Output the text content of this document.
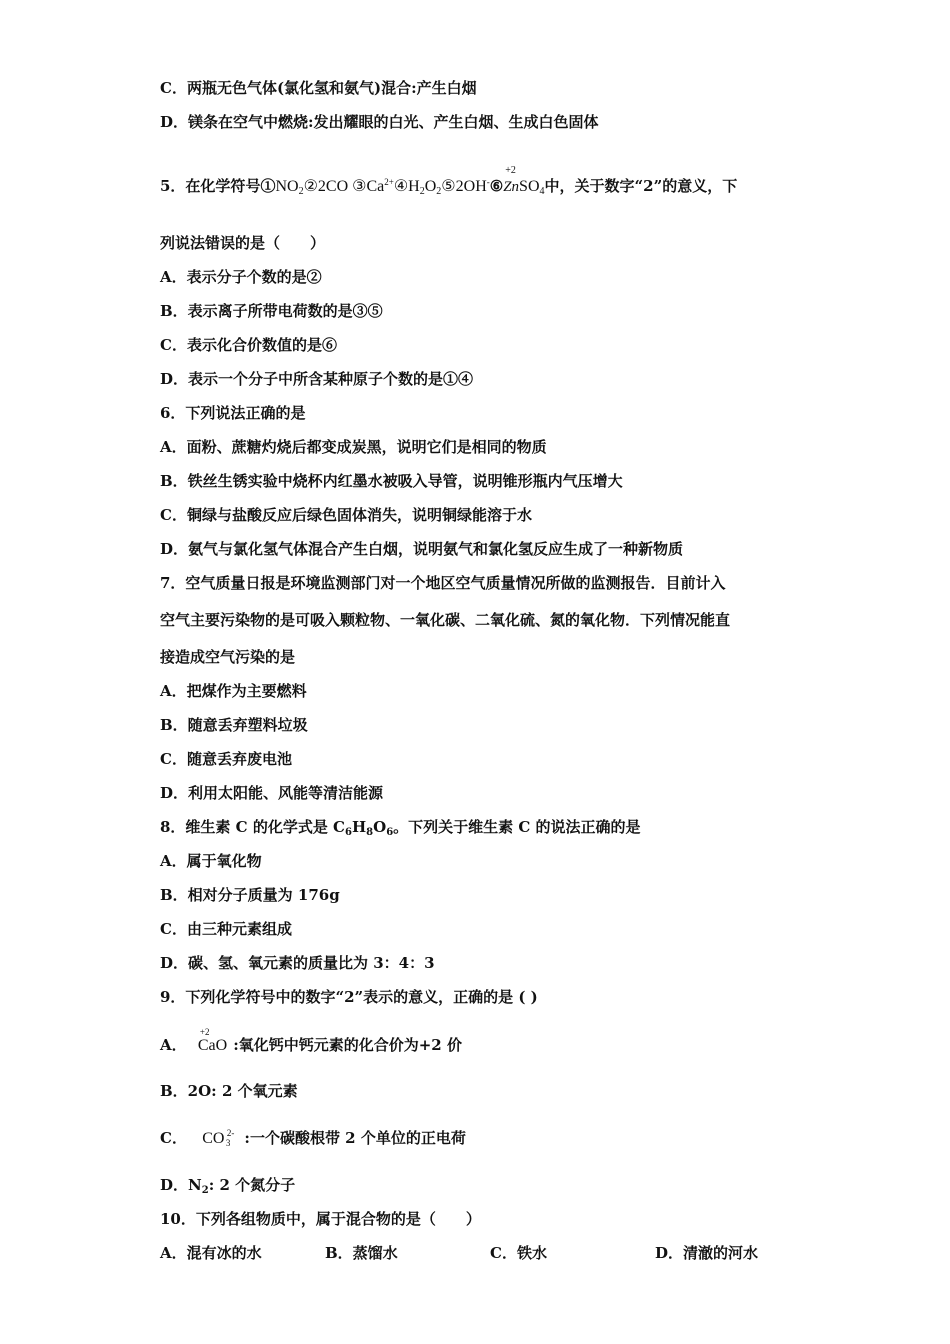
C．两瓶无色气体(氯化氢和氨气)混合:产生白烟
D．镁条在空气中燃烧:发出耀眼的白光、产生白烟、生成白色固体
5．在化学符号$①NO_2②2CO$ $③Ca^{2+}④H_2O_2⑤2OH^-⑥$
+2
ZnSO$_4$中，关于数字“2”的意义，下
列说法错误的是（　　）
A．表示分子个数的是②
B．表示离子所带电荷数的是③⑤
C．表示化合价数值的是⑥
D．表示一个分子中所含某种原子个数的是①④
6．下列说法正确的是
A．面粉、蔗糖灼烧后都变成炭黑，说明它们是相同的物质
B．铁丝生锈实验中烧杯内红墨水被吸入导管，说明锥形瓶内气压增大
C．铜绿与盐酸反应后绿色固体消失，说明铜绿能溶于水
D．氨气与氯化氢气体混合产生白烟，说明氨气和氯化氢反应生成了一种新物质
7．空气质量日报是环境监测部门对一个地区空气质量情况所做的监测报告．目前计入
空气主要污染物的是可吸入颗粒物、一氧化碳、二氧化硫、氮的氧化物．下列情况能直
接造成空气污染的是
A．把煤作为主要燃料
B．随意丢弃塑料垃圾
C．随意丢弃废电池
D．利用太阳能、风能等清洁能源
8．维生素 C 的化学式是 $C_6H_8O_6$。下列关于维生素 C 的说法正确的是
A．属于氧化物
B．相对分子质量为 176g
C．由三种元素组成
D．碳、氢、氧元素的质量比为 3：4：3
9．下列化学符号中的数字“2”表示的意义，正确的是 ( )
A．
+2
CaO :氧化钙中钙元素的化合价为+2 价
B．2O: 2 个氧元素
C． CO 2-
3 :一个碳酸根带 2 个单位的正电荷
D．$N_2$: 2 个氮分子
10．下列各组物质中，属于混合物的是（　　）
A．混有冰的水	B．蒸馏水	C．铁水	D．清澈的河水
